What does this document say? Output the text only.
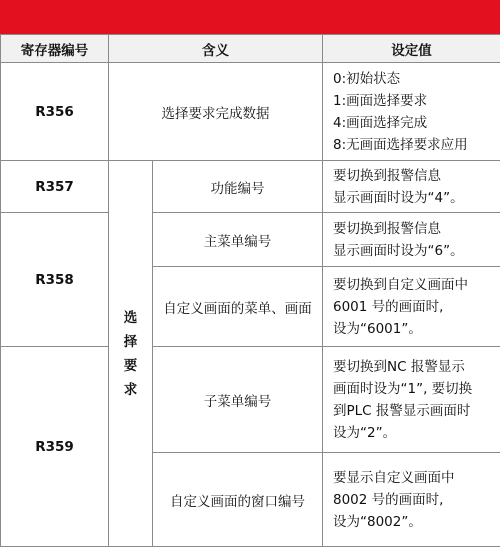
寄存器编号	含义		设定值
R356	选择要求完成数据		0:初始状态
1:画面选择要求
4:画面选择完成
8:无画面选择要求应用

R357	选择要求	功能编号	要切换到报警信息
显示画面时设为“4”。

R358		主菜单编号	要切换到报警信息
显示画面时设为“6”。

		自定义画面的菜单、画面	要切换到自定义画面中
6001 号的画面时,
设为“6001”。

R359		子菜单编号	要切换到NC 报警显示
画面时设为“1”, 要切换
到PLC 报警显示画面时
设为“2”。

		自定义画面的窗口编号	要显示自定义画面中
8002 号的画面时,
设为“8002”。
